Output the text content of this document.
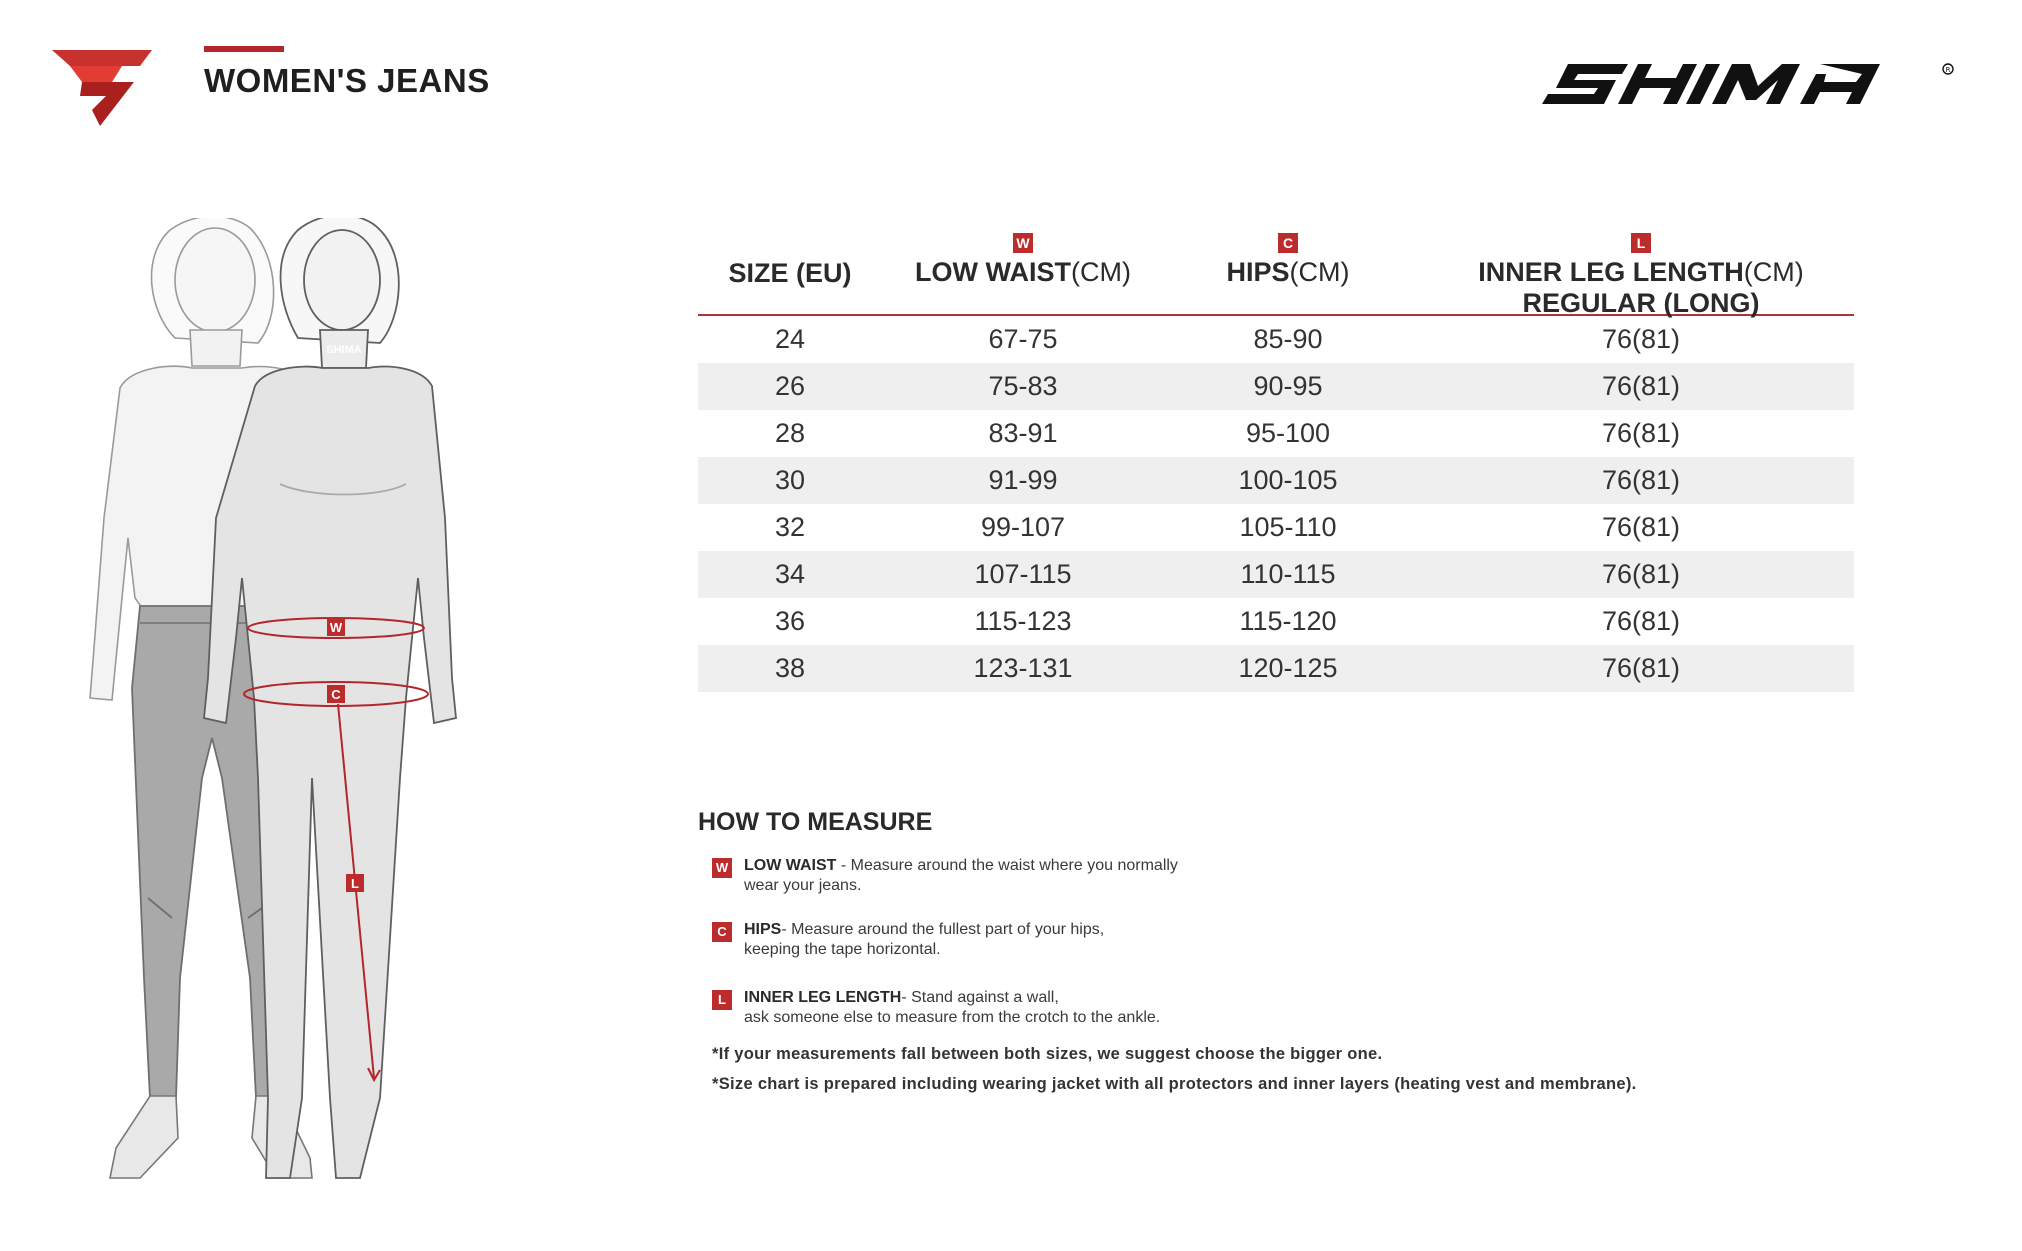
WOMEN'S JEANS	R
SHIMA
W
C
L
SIZE (EU)
W
LOW WAIST(CM)
C
HIPS(CM)
L
INNER LEG LENGTH(CM)
REGULAR (LONG)
24	67-75	85-90	76(81)
26	75-83	90-95	76(81)
28	83-91	95-100	76(81)
30	91-99	100-105	76(81)
32	99-107	105-110	76(81)
34	107-115	110-115	76(81)
36	115-123	115-120	76(81)
38	123-131	120-125	76(81)
HOW TO MEASURE
W LOW WAIST - Measure around the waist where you normally
wear your jeans.
C	HIPS- Measure around the fullest part of your hips,
keeping the tape horizontal.
L	INNER LEG LENGTH- Stand against a wall,
ask someone else to measure from the crotch to the ankle.
*If your measurements fall between both sizes, we suggest choose the bigger one.
*Size chart is prepared including wearing jacket with all protectors and inner layers (heating vest and membrane).
